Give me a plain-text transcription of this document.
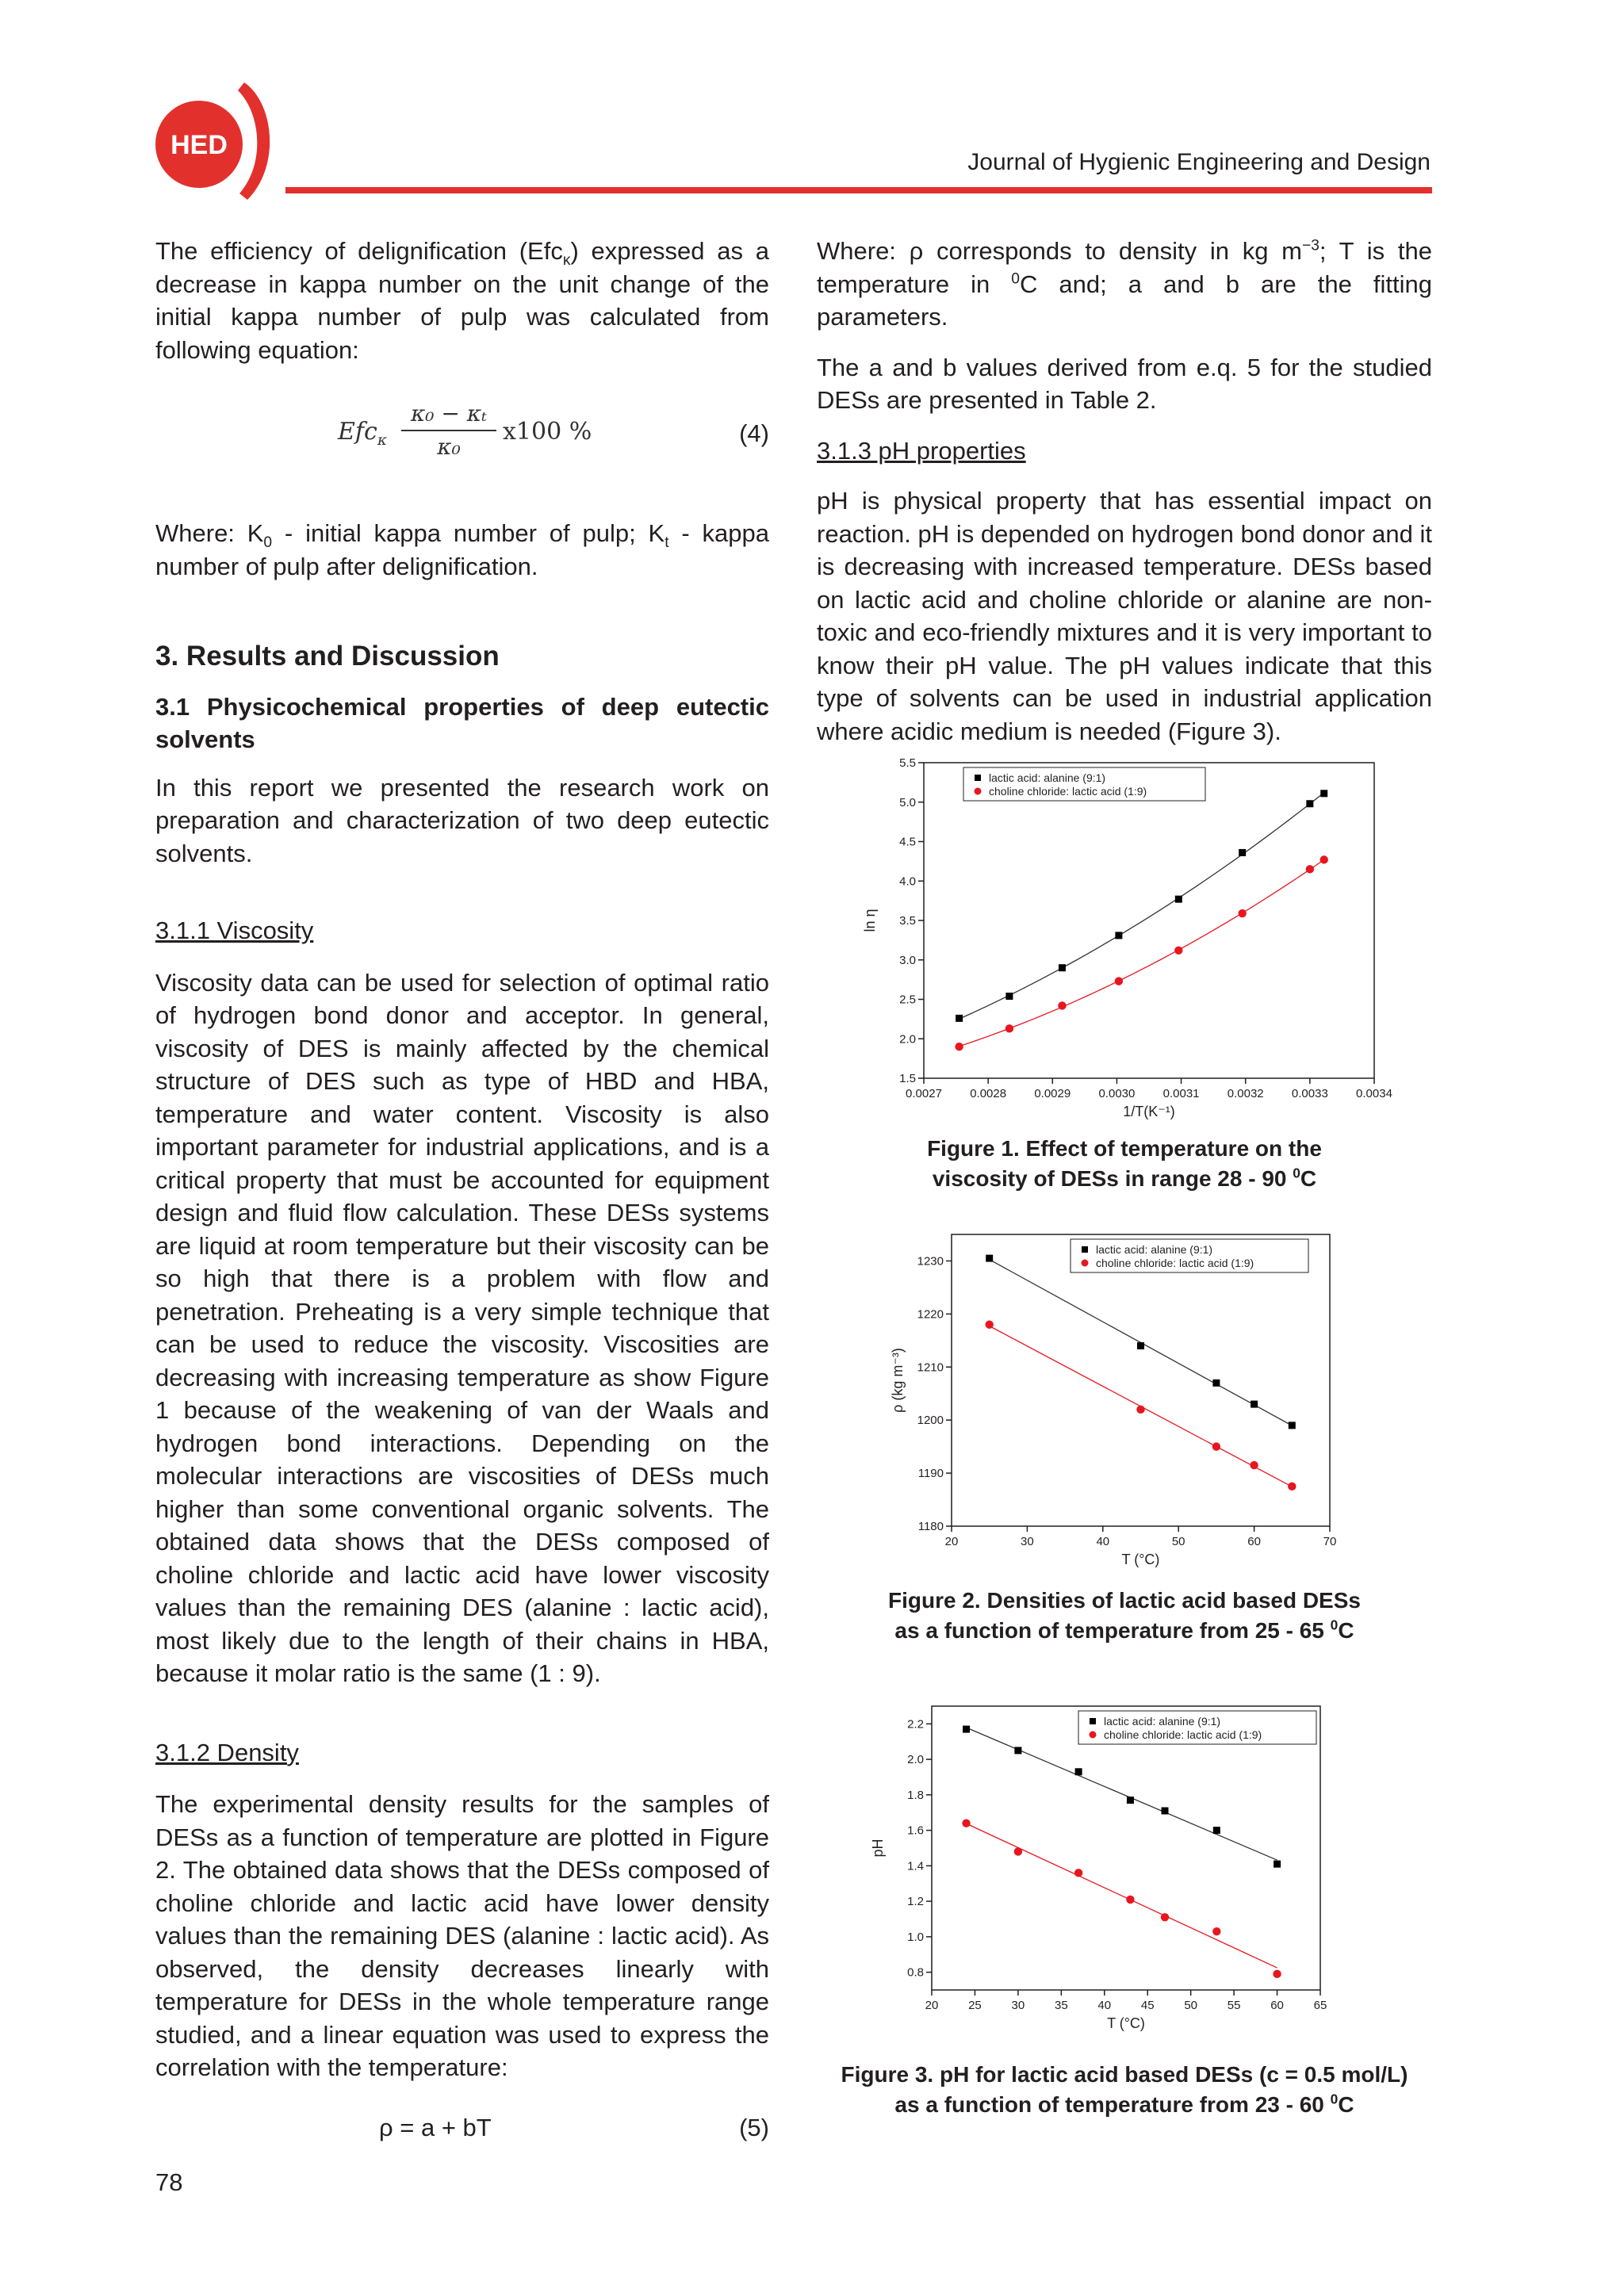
HED
Journal of Hygienic Engineering and Design

The efficiency of delignification (Efc$_\kappa$) expressed as a decrease in kappa number on the unit change of the initial kappa number of pulp was calculated from following equation:

$Efc_\kappa \frac{\text{κ₀ − κₜ}}{\text{κ₀}} x100$ %	(4)

Where: $K_0$ - initial kappa number of pulp; $K_t$ - kappa number of pulp after delignification.

3. Results and Discussion

3.1 Physicochemical properties of deep eutectic solvents

In this report we presented the research work on preparation and characterization of two deep eutectic solvents.

3.1.1 Viscosity

Viscosity data can be used for selection of optimal ratio of hydrogen bond donor and acceptor. In general, viscosity of DES is mainly affected by the chemical structure of DES such as type of HBD and HBA, temperature and water content. Viscosity is also important parameter for industrial applications, and is a critical property that must be accounted for equipment design and fluid flow calculation. These DESs systems are liquid at room temperature but their viscosity can be so high that there is a problem with flow and penetration. Preheating is a very simple technique that can be used to reduce the viscosity. Viscosities are decreasing with increasing temperature as show Figure 1 because of the weakening of van der Waals and hydrogen bond interactions. Depending on the molecular interactions are viscosities of DESs much higher than some conventional organic solvents. The obtained data shows that the DESs composed of choline chloride and lactic acid have lower viscosity values than the remaining DES (alanine : lactic acid), most likely due to the length of their chains in HBA, because it molar ratio is the same (1 : 9).

3.1.2 Density

The experimental density results for the samples of DESs as a function of temperature are plotted in Figure 2. The obtained data shows that the DESs composed of choline chloride and lactic acid have lower density values than the remaining DES (alanine : lactic acid). As observed, the density decreases linearly with temperature for DESs in the whole temperature range studied, and a linear equation was used to express the correlation with the temperature:

ρ = a + bT	(5)

Where: ρ corresponds to density in kg $m^{-3}$; T is the temperature in $^0$C and; a and b are the fitting parameters.

The a and b values derived from e.q. 5 for the studied DESs are presented in Table 2.

3.1.3 pH properties

pH is physical property that has essential impact on reaction. pH is depended on hydrogen bond donor and it is decreasing with increased temperature. DESs based on lactic acid and choline chloride or alanine are non-toxic and eco-friendly mixtures and it is very important to know their pH value. The pH values indicate that this type of solvents can be used in industrial application where acidic medium is needed (Figure 3).

0.0027 0.0028 0.0029 0.0030 0.0031 0.0032 0.0033 0.0034
1.5
2.0
2.5
3.0
3.5
4.0
4.5
5.0
5.5
1/T(K⁻¹)
ln η
lactic acid: alanine (9:1)
choline chloride: lactic acid (1:9)
Figure 1. Effect of temperature on the
viscosity of DESs in range 28 - 90 $^0$C
20	30	40	50	60	70
1180
1190
1200
1210
1220
1230
T (°C)
ρ (kg m⁻³)
lactic acid: alanine (9:1)
choline chloride: lactic acid (1:9)
Figure 2. Densities of lactic acid based DESs
as a function of temperature from 25 - 65 $^0$C
20	25	30	35	40	45	50	55	60	65
0.8
1.0
1.2
1.4
1.6
1.8
2.0
2.2
T (°C)
pH
lactic acid: alanine (9:1)
choline chloride: lactic acid (1:9)
Figure 3. pH for lactic acid based DESs (c = 0.5 mol/L)
as a function of temperature from 23 - 60 $^0$C
78
